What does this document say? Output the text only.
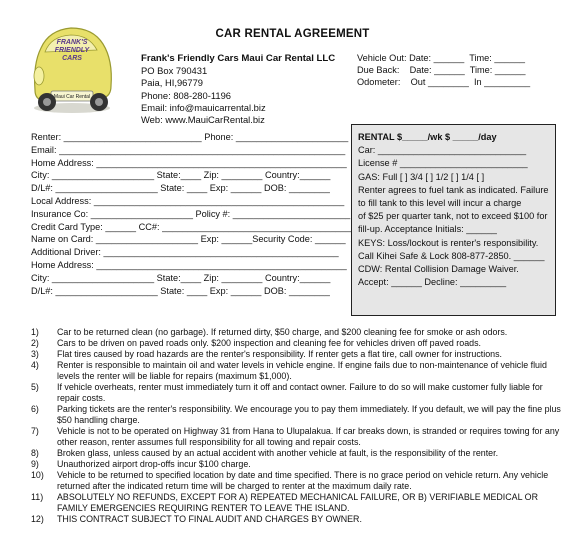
CAR RENTAL AGREEMENT
FRANK'S
FRIENDLY
CARS
Maui Car Rental
Frank's Friendly Cars Maui Car Rental LLC
PO Box 790431
Paia, HI,96779
Phone: 808-280-1196
Email: info@mauicarrental.biz
Web: www.MauiCarRental.biz
Vehicle Out: Date: ______  Time: ______
Due Back:    Date: ______  Time: ______
Odometer:    Out ________  In _________
Renter: ___________________________ Phone: ______________________
Email: ________________________________________________________
Home Address: _________________________________________________
City: ____________________ State:____ Zip: ________ Country:______
D/L#: ____________________ State: ____ Exp: ______ DOB: ________
Local Address: _________________________________________________
Insurance Co: ____________________ Policy #: _______________________
Credit Card Type: ______ CC#: _____________________________________
Name on Card: ____________________ Exp: ______Security Code: ______
Additional Driver: ______________________________________________
Home Address: _________________________________________________
City: ____________________ State:____ Zip: ________ Country:______
D/L#: ____________________ State: ____ Exp: ______ DOB: ________
RENTAL $_____/wk $ _____/day
Car: _____________________________
License # _________________________
GAS: Full [ ] 3/4 [ ] 1/2 [ ] 1/4 [ ]
Renter agrees to fuel tank as indicated. Failure
to fill tank to this level will incur a charge
of $25 per quarter tank, not to exceed $100 for
fill-up. Acceptance Initials: ______
KEYS: Loss/lockout is renter's responsibility.
Call Kihei Safe & Lock 808-877-2850. ______
CDW: Rental Collision Damage Waiver.
Accept: ______ Decline: _________
1)	Car to be returned clean (no garbage). If returned dirty, $50 charge, and $200 cleaning fee for smoke or ash odors.
2)	Cars to be driven on paved roads only. $200 inspection and cleaning fee for vehicles driven off paved roads.
3)	Flat tires caused by road hazards are the renter's responsibility. If renter gets a flat tire, call owner for instructions.
4)	Renter is responsible to maintain oil and water levels in vehicle engine. If engine fails due to non-maintenance of vehicle fluid levels the renter will be liable for repairs (maximum $1,000).
5)	If vehicle overheats, renter must immediately turn it off and contact owner. Failure to do so will make customer fully liable for repair costs.
6)	Parking tickets are the renter's responsibility. We encourage you to pay them immediately. If you default, we will pay the fine plus $50 handling charge.
7)	Vehicle is not to be operated on Highway 31 from Hana to Ulupalakua. If car breaks down, is stranded or requires towing for any other reason, renter assumes full responsibility for all towing and repair costs.
8)	Broken glass, unless caused by an actual accident with another vehicle at fault, is the responsibility of the renter.
9)	Unauthorized airport drop-offs incur $100 charge.
10)	Vehicle to be returned to specified location by date and time specified. There is no grace period on vehicle return. Any vehicle returned after the indicated return time will be charged to renter at the maximum daily rate.
11)	ABSOLUTELY NO REFUNDS, EXCEPT FOR A) REPEATED MECHANICAL FAILURE, OR B) VERIFIABLE MEDICAL OR FAMILY EMERGENCIES REQUIRING RENTER TO LEAVE THE ISLAND.
12)	THIS CONTRACT SUBJECT TO FINAL AUDIT AND CHARGES BY OWNER.
